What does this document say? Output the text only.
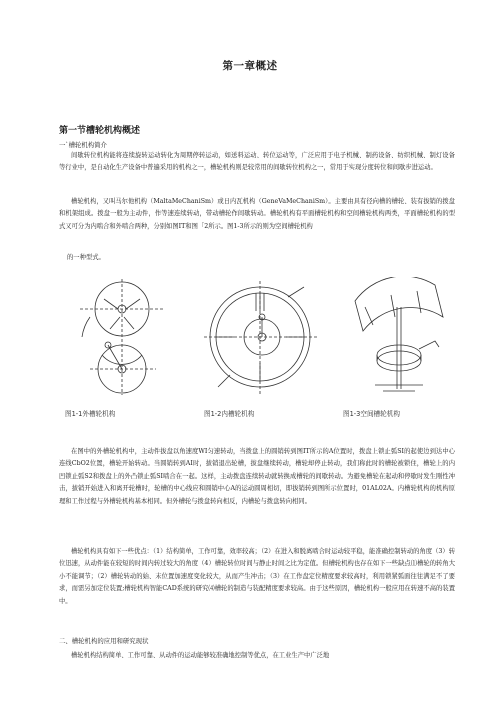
第一章概述
第一节槽轮机构概述
一`槽轮机构简介
间歇转位机构能将连续旋转运动转化为周期停转运动，如送料运动、转位运动等，广泛应用于电子机械、制药设备、纺织机械、制灯设备等行业中，是自动化生产设备中普遍采用的机构之一，槽轮机构则是较常用的间歇转位机构之一，常用于实现分度转位和间歇步进运动。
槽轮机构，又叫马尔他机构（MaltaMeChaniSm）或日内瓦机构（GeneVaMeChaniSm）。主要由具有径向槽的槽轮、装有拔销的拨盘和机架组成。拨盘一般为主动件，作等速连续转动，带动槽轮作间歇转动。槽轮机构有平面槽轮机构和空间槽轮机构两类，平面槽轮机构的型式又可分为内啮合和外啮合两种，分别如图IT和图「2所示。图1-3所示的则为空间槽轮机构
的一种型式。
图1-1外槽轮机构	图1-2内槽轮机构	图1-3空间槽轮机构
在图中的外槽轮机构中，主动件拔盘以角速度WI匀速转动，当拨盘上的圆销转到图IT所示的A位置时，拨盘上锁止弧SI的起使边到达中心连线CbO2位置，槽轮开始转动。当圆销转到AI时，拔销退出轮槽，拔盘继续转动，槽轮却停止转动，我们称此时的槽轮被锁住，槽轮上的内凹锁止弧S2和拨盘上的外凸锁止弧SI啮合在一起。这样，主动拨盘连续转动就转换成槽轮的间歇转动。为避免槽轮在起动和停歇时发生刚性冲击，拔销开始进入和离开轮槽时，轮槽的中心线应和圆销中心A的运动圆周相切，即拔销转到图所示位置时，01AL02A。内槽轮机构的机构原理和工作过程与外槽轮机构基本相同。但外槽轮与拨盘转向相反，内槽轮与拨盘转向相同。
槽轮机构具有如下一些优点：（1）结构简单，工作可靠，效率较高；（2）在进入和脱离啮合时运动较平稳，能准确控制转动的角度（3）转位迅速，从动件能在较短的时间内转过较大的角度（4）槽轮转位时间与静止时间之比为定值。但槽轮机构也存在如下一些缺点⑴槽轮的转角大小不能调节；（2）槽轮转动的始、末位置加速度变化较大，从而产生冲击；（3）在工作盘定位精度要求较高时，利用锁紧弧面往往满足不了要求，而需另加定位装置;槽轮机构智能CAD系统的研究⑷槽轮的制造与装配精度要求较高。由于这些原因，槽轮机构一般应用在转速不高的装置中。
二、槽轮机构的应用和研究现状
槽轮机构结构简单、工作可靠、从动件的运动能够较准确地控制等优点，在工业生产中广泛地
